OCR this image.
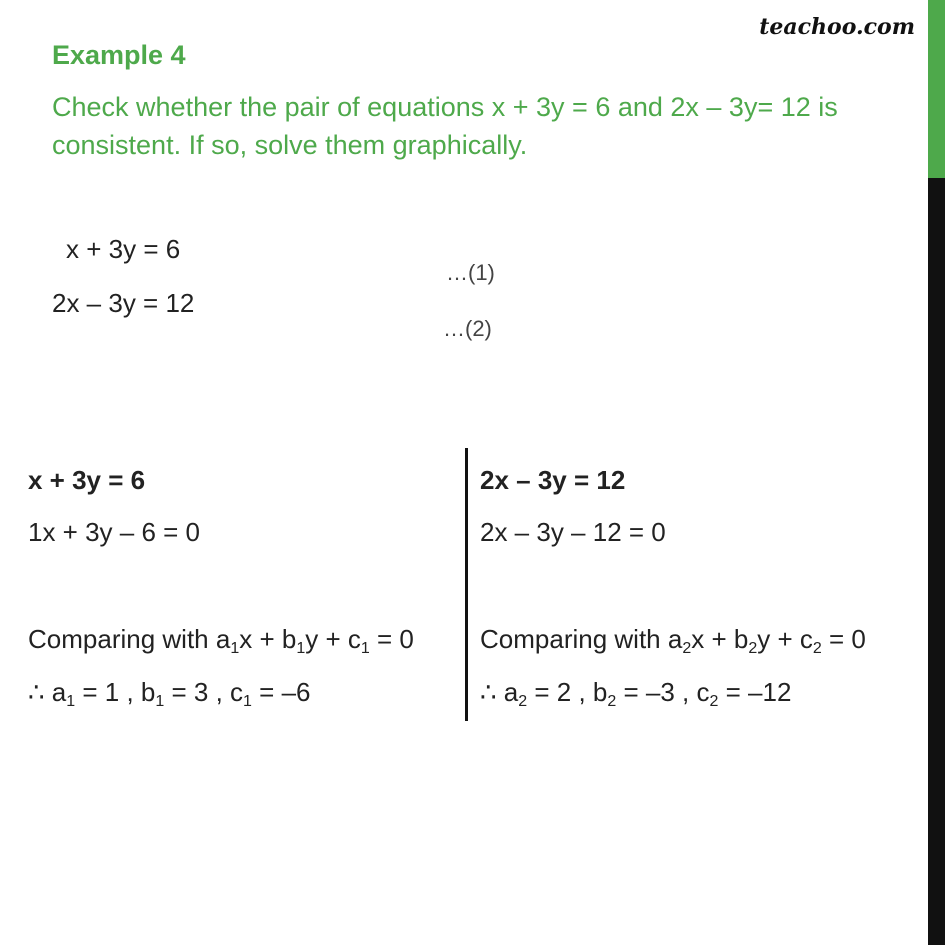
teachoo.com
Example 4
Check whether the pair of equations x + 3y = 6 and 2x – 3y= 12 is consistent. If so, solve them graphically.
x + 3y = 6
…(1)
2x – 3y = 12
…(2)
x + 3y = 6
1x + 3y – 6 = 0
Comparing with $a_1x + b_1y + c_1 = 0$
∴ $a_1 = 1$ , $b_1 = 3$ , $c_1 = -6$
2x – 3y = 12
2x – 3y – 12 = 0
Comparing with $a_2x + b_2y + c_2 = 0$
∴ $a_2 = 2$ , $b_2 = -3$ , $c_2 = -12$
